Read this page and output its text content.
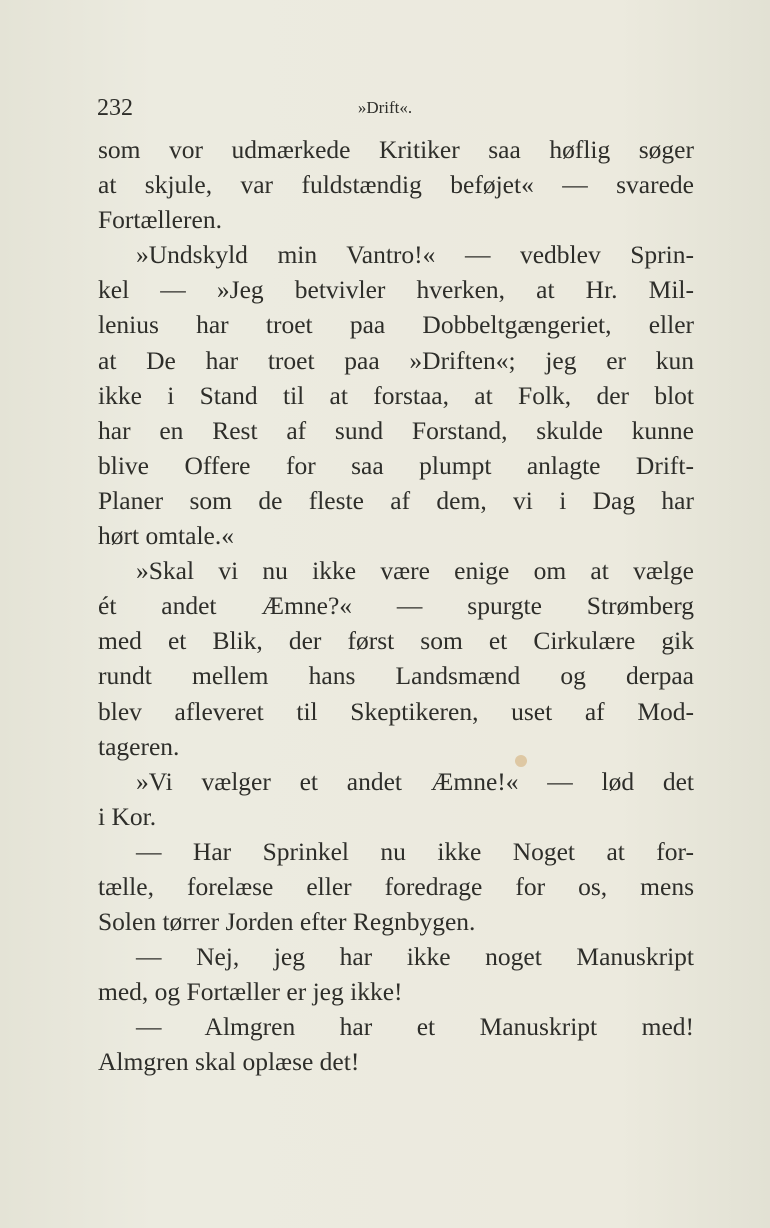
232	»Drift«.
som vor udmærkede Kritiker saa høflig søger
at skjule, var fuldstændig beføjet« — svarede
Fortælleren.
»Undskyld min Vantro!« — vedblev Sprin-
kel — »Jeg betvivler hverken, at Hr. Mil-
lenius har troet paa Dobbeltgængeriet, eller
at De har troet paa »Driften«; jeg er kun
ikke i Stand til at forstaa, at Folk, der blot
har en Rest af sund Forstand, skulde kunne
blive Offere for saa plumpt anlagte Drift-
Planer som de fleste af dem, vi i Dag har
hørt omtale.«
»Skal vi nu ikke være enige om at vælge
ét andet Æmne?« — spurgte Strømberg
med et Blik, der først som et Cirkulære gik
rundt mellem hans Landsmænd og derpaa
blev afleveret til Skeptikeren, uset af Mod-
tageren.
»Vi vælger et andet Æmne!« — lød det
i Kor.
— Har Sprinkel nu ikke Noget at for-
tælle, forelæse eller foredrage for os, mens
Solen tørrer Jorden efter Regnbygen.
— Nej, jeg har ikke noget Manuskript
med, og Fortæller er jeg ikke!
— Almgren har et Manuskript med!
Almgren skal oplæse det!
